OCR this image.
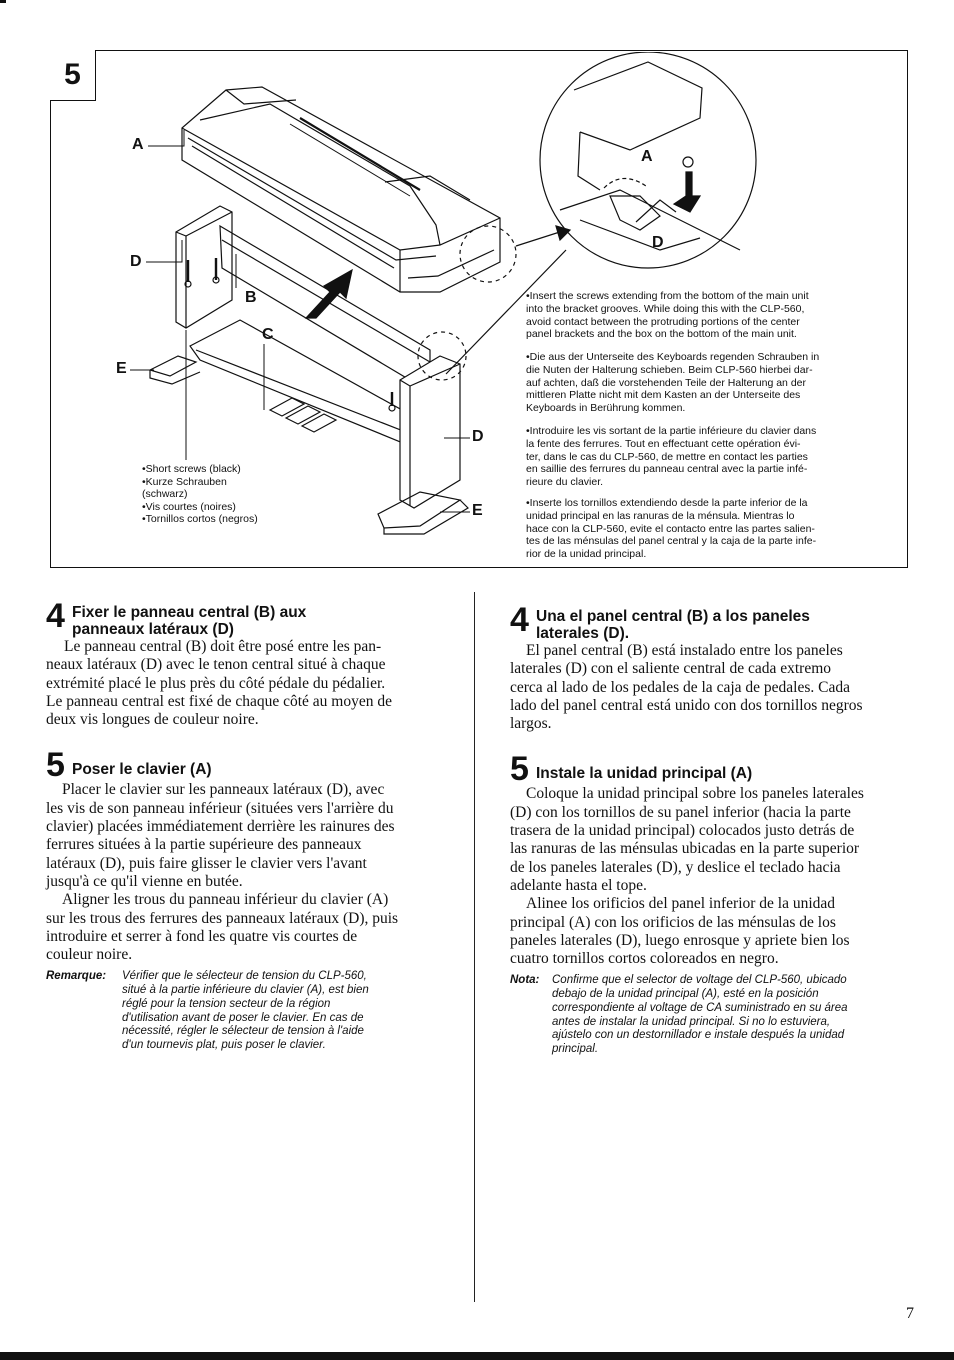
5
A
D
B
C
E
D
E
A
D
•Short screws (black)
•Kurze Schrauben
(schwarz)
•Vis courtes (noires)
•Tornillos cortos (negros)
•Insert the screws extending from the bottom of the main unit
into the bracket grooves. While doing this with the CLP-560,
avoid contact between the protruding portions of the center
panel brackets and the box on the bottom of the main unit.
•Die aus der Unterseite des Keyboards regenden Schrauben in
die Nuten der Halterung schieben. Beim CLP-560 hierbei dar-
auf achten, daß die vorstehenden Teile der Halterung an der
mittleren Platte nicht mit dem Kasten an der Unterseite des
Keyboards in Berührung kommen.
•Introduire les vis sortant de la partie inférieure du clavier dans
la fente des ferrures. Tout en effectuant cette opération évi-
ter, dans le cas du CLP-560, de mettre en contact les parties
en saillie des ferrures du panneau central avec la partie infé-
rieure du clavier.
•Inserte los tornillos extendiendo desde la parte inferior de la
unidad principal en las ranuras de la ménsula. Mientras lo
hace con la CLP-560, evite el contacto entre las partes salien-
tes de las ménsulas del panel central y la caja de la parte infe-
rior de la unidad principal.
4 Fixer le panneau central (B) aux
panneaux latéraux (D)
Le panneau central (B) doit être posé entre les pan-
neaux latéraux (D) avec le tenon central situé à chaque
extrémité placé le plus près du côté pédale du pédalier.
Le panneau central est fixé de chaque côté au moyen de
deux vis longues de couleur noire.
5 Poser le clavier (A)
Placer le clavier sur les panneaux latéraux (D), avec
les vis de son panneau inférieur (situées vers l'arrière du
clavier) placées immédiatement derrière les rainures des
ferrures situées à la partie supérieure des panneaux
latéraux (D), puis faire glisser le clavier vers l'avant
jusqu'à ce qu'il vienne en butée.
Aligner les trous du panneau inférieur du clavier (A)
sur les trous des ferrures des panneaux latéraux (D), puis
introduire et serrer à fond les quatre vis courtes de
couleur noire.
Remarque: Vérifier que le sélecteur de tension du CLP-560,
situé à la partie inférieure du clavier (A), est bien
réglé pour la tension secteur de la région
d'utilisation avant de poser le clavier. En cas de
nécessité, régler le sélecteur de tension à l'aide
d'un tournevis plat, puis poser le clavier.
4 Una el panel central (B) a los paneles
laterales (D).
El panel central (B) está instalado entre los paneles
laterales (D) con el saliente central de cada extremo
cerca al lado de los pedales de la caja de pedales. Cada
lado del panel central está unido con dos tornillos negros
largos.
5 Instale la unidad principal (A)
Coloque la unidad principal sobre los paneles laterales
(D) con los tornillos de su panel inferior (hacia la parte
trasera de la unidad principal) colocados justo detrás de
las ranuras de las ménsulas ubicadas en la parte superior
de los paneles laterales (D), y deslice el teclado hacia
adelante hasta el tope.
Alinee los orificios del panel inferior de la unidad
principal (A) con los orificios de las ménsulas de los
paneles laterales (D), luego enrosque y apriete bien los
cuatro tornillos cortos coloreados en negro.
Nota: Confirme que el selector de voltage del CLP-560, ubicado
debajo de la unidad principal (A), esté en la posición
correspondiente al voltage de CA suministrado en su área
antes de instalar la unidad principal. Si no lo estuviera,
ajústelo con un destornillador e instale después la unidad
principal.
7
